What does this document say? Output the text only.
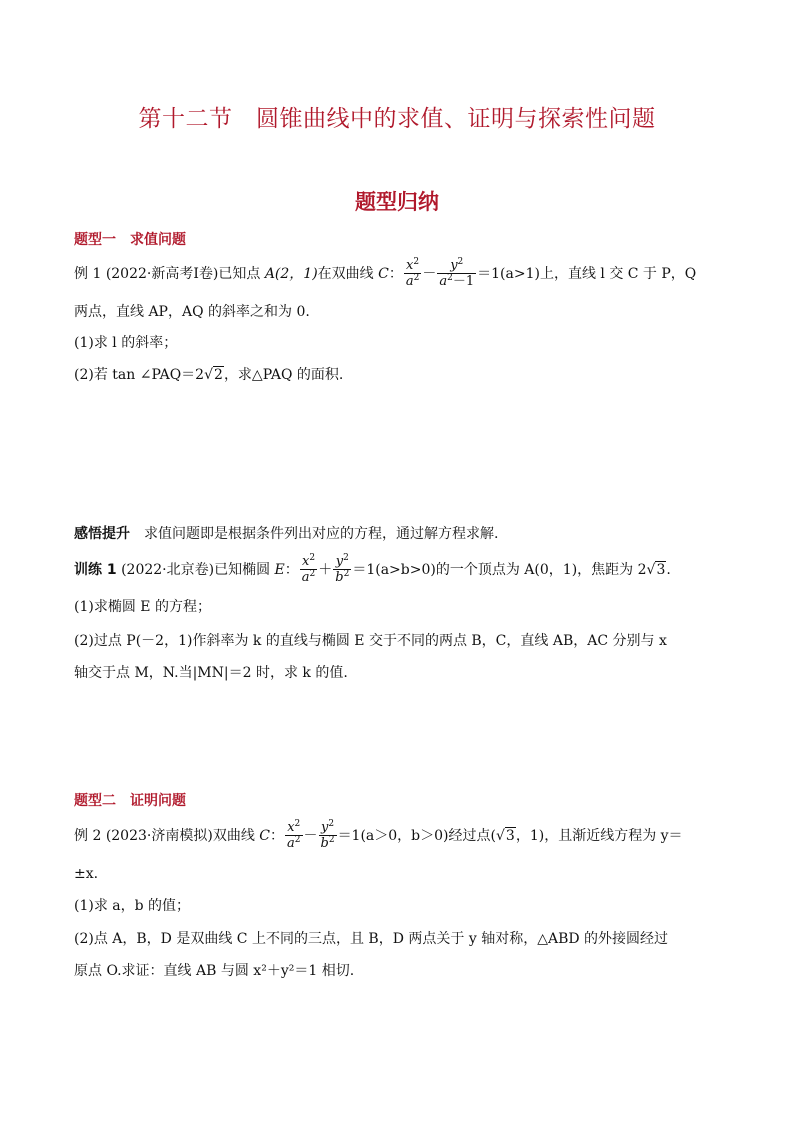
第十二节　圆锥曲线中的求值、证明与探索性问题
题型归纳
题型一　求值问题
例 1 (2022·新高考Ⅰ卷)已知点 A(2，1)在双曲线 C： $\frac{x^2}{a^2} - \frac{y^2}{a^2-1} =1(a>1)$上，直线 l 交 C 于 P，Q
两点，直线 AP，AQ 的斜率之和为 0.
(1)求 l 的斜率；
(2)若 tan ∠PAQ＝2√2，求△PAQ 的面积.
感悟提升　 求值问题即是根据条件列出对应的方程，通过解方程求解.
训练 1 (2022·北京卷)已知椭圆 E： $\frac{x^2}{a^2} + \frac{y^2}{b^2} =1(a>b>0)$的一个顶点为 A(0，1)，焦距为 2√3.
(1)求椭圆 E 的方程；
(2)过点 P(－2，1)作斜率为 k 的直线与椭圆 E 交于不同的两点 B，C，直线 AB，AC 分别与 x
轴交于点 M，N.当|MN|＝2 时，求 k 的值.
题型二　证明问题
例 2 (2023·济南模拟)双曲线 C： $\frac{x^2}{a^2} - \frac{y^2}{b^2} =1(a>0$，b＞0)经过点(√3，1)，且渐近线方程为 y＝
±x.
(1)求 a，b 的值；
(2)点 A，B，D 是双曲线 C 上不同的三点，且 B，D 两点关于 y 轴对称，△ABD 的外接圆经过
原点 O.求证：直线 AB 与圆 x²＋y²＝1 相切.
